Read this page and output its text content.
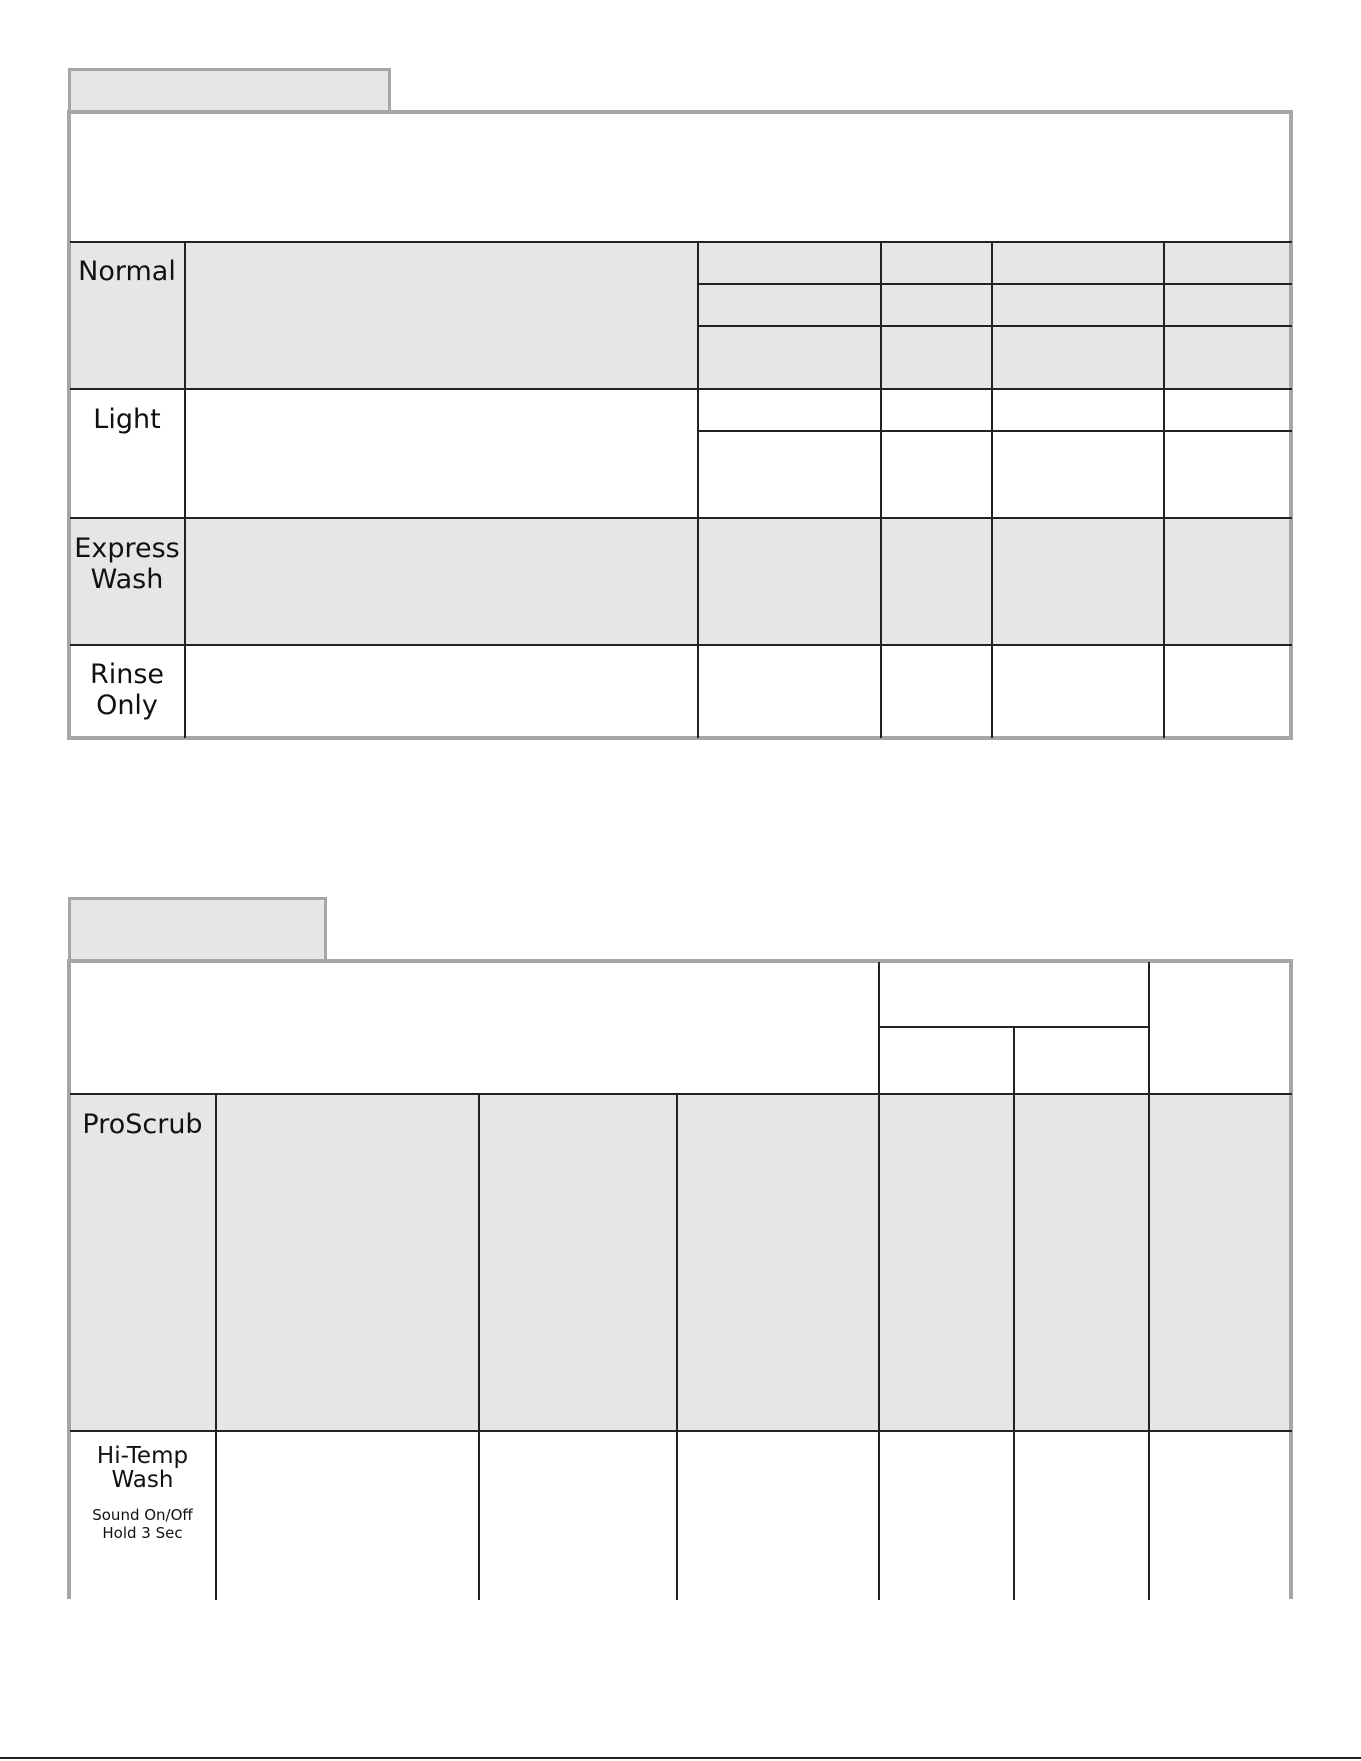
Normal
Light
Express
Wash
Rinse
Only
ProScrub
Hi-Temp
Wash
Sound On/Off
Hold 3 Sec
